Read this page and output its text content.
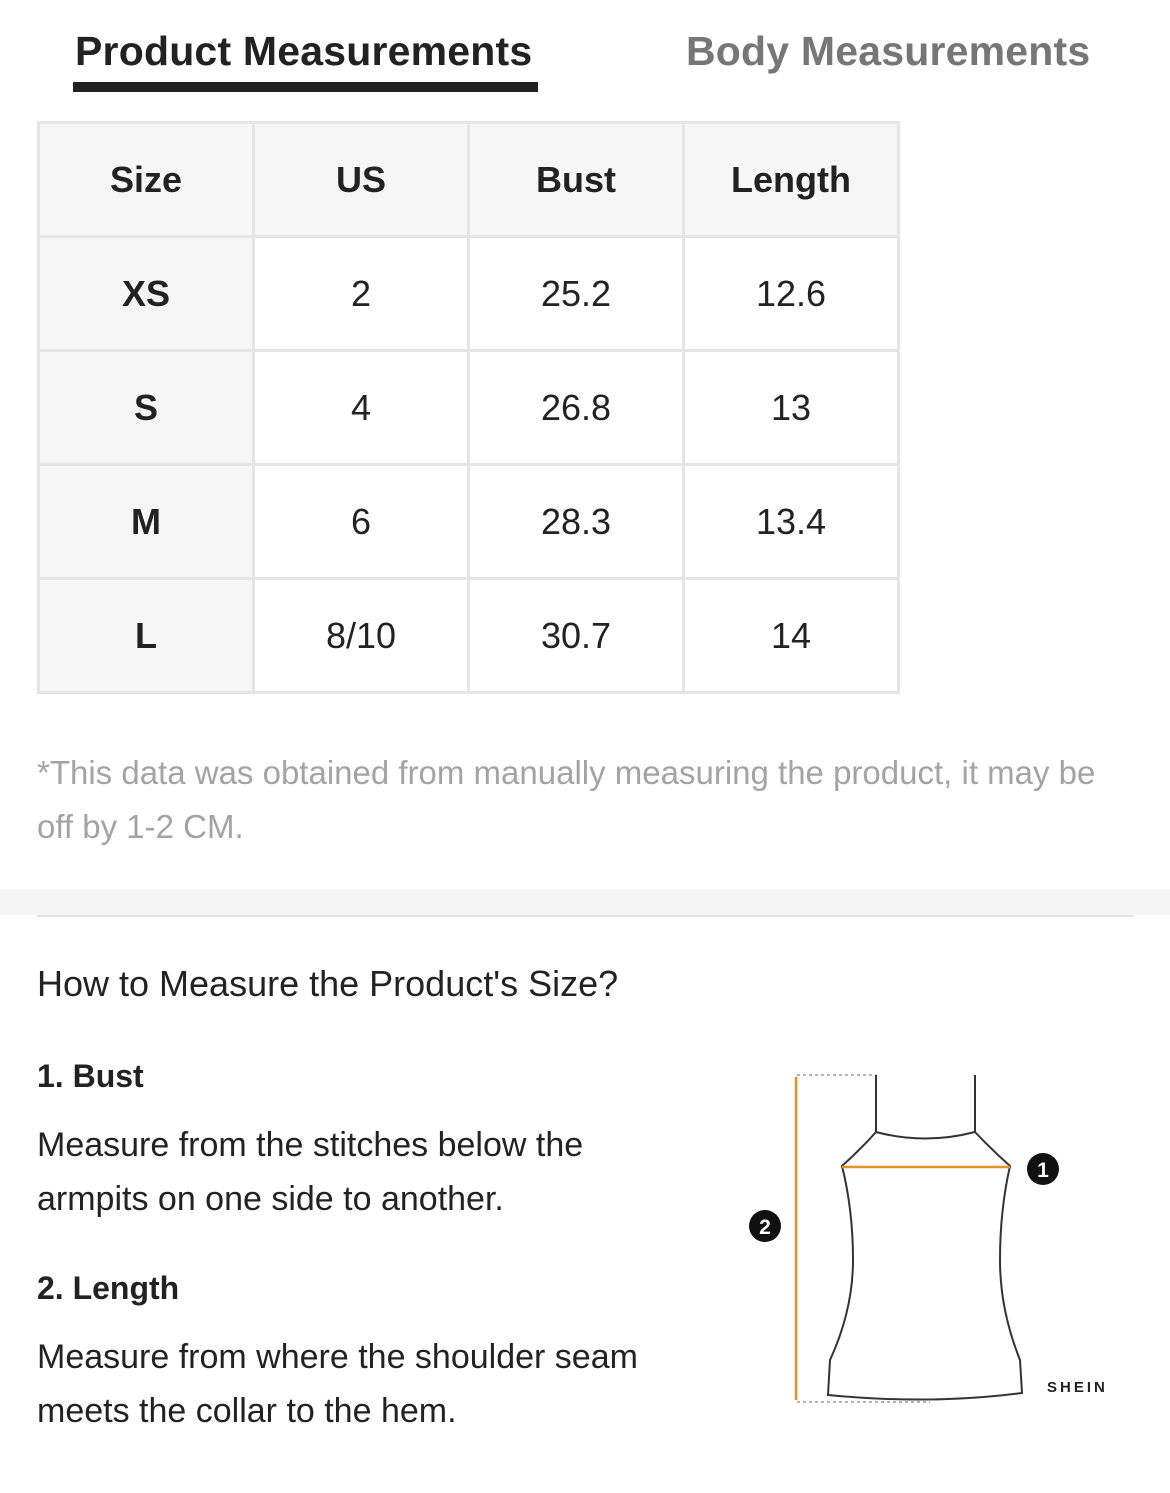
Product Measurements	Body Measurements
Size	US	Bust	Length
XS	2	25.2	12.6
S	4	26.8	13
M	6	28.3	13.4
L	8/10	30.7	14
*This data was obtained from manually measuring the product, it may be off by 1-2 CM.
How to Measure the Product's Size?
1. Bust
Measure from the stitches below the armpits on one side to another.
2. Length
Measure from where the shoulder seam meets the collar to the hem.
1
2
SHEIN
